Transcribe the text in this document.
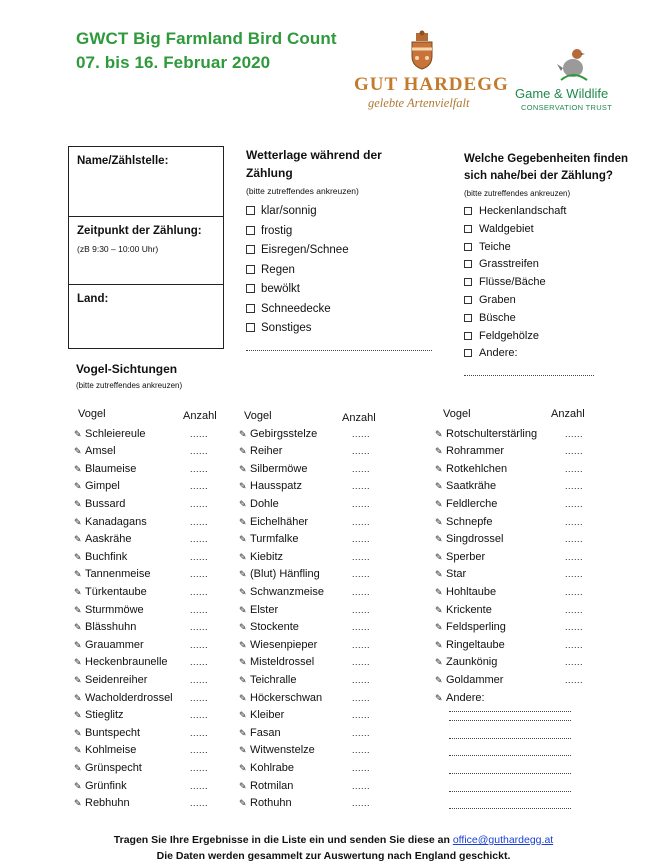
GWCT Big Farmland Bird Count
07. bis 16. Februar 2020
GUT HARDEGG
gelebte Artenvielfalt
Game & Wildlife
CONSERVATION TRUST
Name/Zählstelle:
Zeitpunkt der Zählung:
(zB 9:30 – 10:00 Uhr)
Land:
Wetterlage während der
Zählung
(bitte zutreffendes ankreuzen)
klar/sonnig
frostig
Eisregen/Schnee
Regen
bewölkt
Schneedecke
Sonstiges
Welche Gegebenheiten finden
sich nahe/bei der Zählung?
(bitte zutreffendes ankreuzen)
Heckenlandschaft
Waldgebiet
Teiche
Grasstreifen
Flüsse/Bäche
Graben
Büsche
Feldgehölze
Andere:
Vogel-Sichtungen
(bitte zutreffendes ankreuzen)
Vogel	Anzahl Vogel	Anzahl	Vogel	Anzahl
✎ Schleiereule	......
✎ Amsel	......
✎ Blaumeise	......
✎ Gimpel	......
✎ Bussard	......
✎ Kanadagans	......
✎ Aaskrähe	......
✎ Buchfink	......
✎ Tannenmeise	......
✎ Türkentaube	......
✎ Sturmmöwe	......
✎ Blässhuhn	......
✎ Grauammer	......
✎ Heckenbraunelle ......
✎ Seidenreiher	......
✎ Wacholderdrossel ......
✎ Stieglitz	......
✎ Buntspecht	......
✎ Kohlmeise	......
✎ Grünspecht	......
✎ Grünfink	......
✎ Rebhuhn	......
✎ Gebirgsstelze	......
✎ Reiher	......
✎ Silbermöwe	......
✎ Hausspatz	......
✎ Dohle	......
✎ Eichelhäher	......
✎ Turmfalke	......
✎ Kiebitz	......
✎ (Blut) Hänfling	......
✎ Schwanzmeise	......
✎ Elster	......
✎ Stockente	......
✎ Wiesenpieper	......
✎ Misteldrossel	......
✎ Teichralle	......
✎ Höckerschwan	......
✎ Kleiber	......
✎ Fasan	......
✎ Witwenstelze	......
✎ Kohlrabe	......
✎ Rotmilan	......
✎ Rothuhn	......
✎ Rotschulterstärling	......
✎ Rohrammer	......
✎ Rotkehlchen	......
✎ Saatkrähe	......
✎ Feldlerche	......
✎ Schnepfe	......
✎ Singdrossel	......
✎ Sperber	......
✎ Star	......
✎ Hohltaube	......
✎ Krickente	......
✎ Feldsperling	......
✎ Ringeltaube	......
✎ Zaunkönig	......
✎ Goldammer	......
✎ Andere:
Tragen Sie Ihre Ergebnisse in die Liste ein und senden Sie diese an office@guthardegg.at
Die Daten werden gesammelt zur Auswertung nach England geschickt.
